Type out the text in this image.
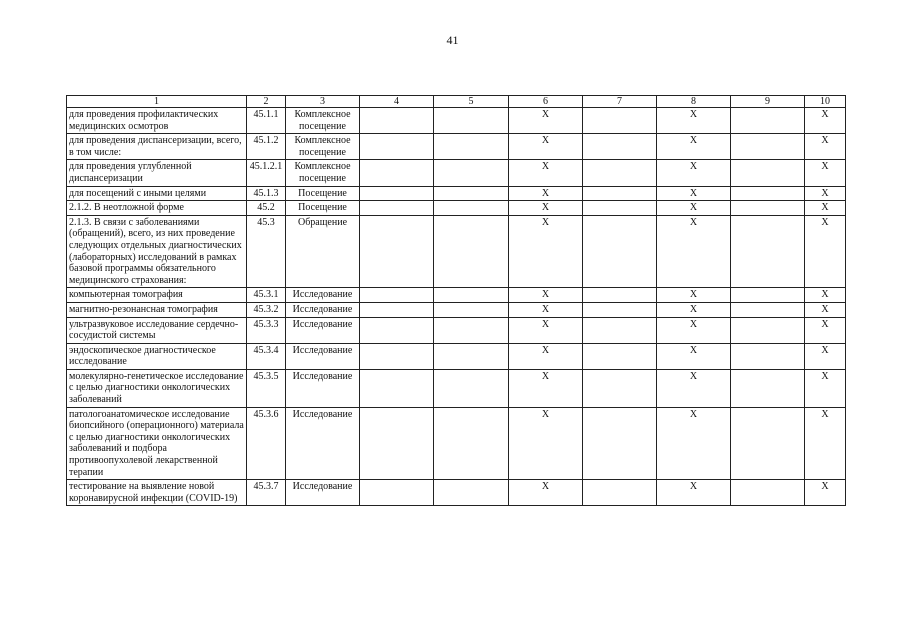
41
1	2	3	4	5	6	7	8	9	10
для проведения профилактических медицинских осмотров	45.1.1	Комплексное посещение			X		X		X
для проведения диспансеризации, всего, в том числе:	45.1.2	Комплексное посещение			X		X		X
для проведения углубленной диспансеризации	45.1.2.1	Комплексное посещение			X		X		X
для посещений с иными целями	45.1.3	Посещение			X		X		X
2.1.2. В неотложной форме	45.2	Посещение			X		X		X
2.1.3. В связи с заболеваниями (обращений), всего, из них проведение следующих отдельных диагностических (лабораторных) исследований в рамках базовой программы обязательного медицинского страхования:	45.3	Обращение			X		X		X
компьютерная томография	45.3.1	Исследование			X		X		X
магнитно-резонансная томография	45.3.2	Исследование			X		X		X
ультразвуковое исследование сердечно-сосудистой системы	45.3.3	Исследование			X		X		X
эндоскопическое диагностическое исследование	45.3.4	Исследование			X		X		X
молекулярно-генетическое исследование с целью диагностики онкологических заболеваний	45.3.5	Исследование			X		X		X
патологоанатомическое исследование биопсийного (операционного) материала с целью диагностики онкологических заболеваний и подбора противоопухолевой лекарственной терапии	45.3.6	Исследование			X		X		X
тестирование на выявление новой коронавирусной инфекции (COVID-19)	45.3.7	Исследование			X		X		X
